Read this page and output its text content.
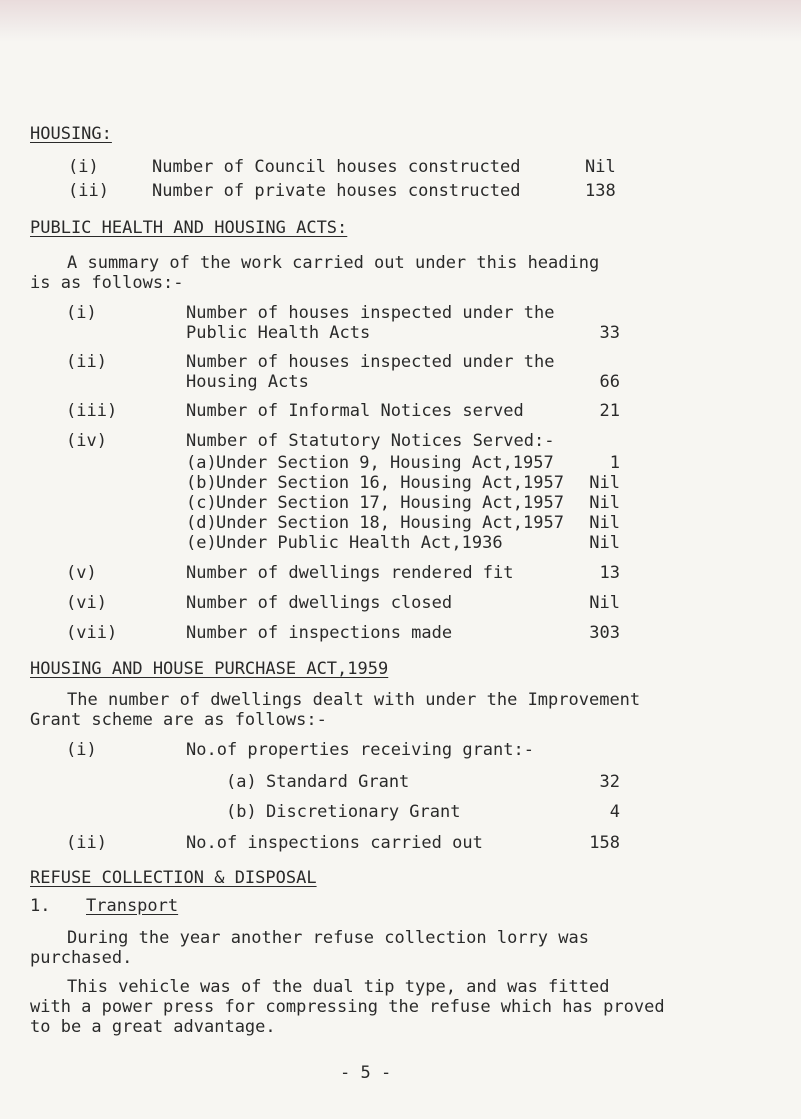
HOUSING:
(i)	Number of Council houses constructed	Nil
(ii)	Number of private houses constructed	138
PUBLIC HEALTH AND HOUSING ACTS:
A summary of the work carried out under this heading
is as follows:-
(i)	Number of houses inspected under the
Public Health Acts	33
(ii)	Number of houses inspected under the
Housing Acts	66
(iii)	Number of Informal Notices served	21
(iv)	Number of Statutory Notices Served:-
(a) Under Section 9, Housing Act,1957	1
(b) Under Section 16, Housing Act,1957	Nil
(c) Under Section 17, Housing Act,1957	Nil
(d) Under Section 18, Housing Act,1957	Nil
(e) Under Public Health Act,1936	Nil
(v)	Number of dwellings rendered fit	13
(vi)	Number of dwellings closed	Nil
(vii)	Number of inspections made	303
HOUSING AND HOUSE PURCHASE ACT,1959
The number of dwellings dealt with under the Improvement
Grant scheme are as follows:-
(i)	No.of properties receiving grant:-
(a) Standard Grant	32
(b) Discretionary Grant	4
(ii)	No.of inspections carried out	158
REFUSE COLLECTION & DISPOSAL
1. Transport
During the year another refuse collection lorry was
purchased.
This vehicle was of the dual tip type, and was fitted
with a power press for compressing the refuse which has proved
to be a great advantage.
- 5 -
